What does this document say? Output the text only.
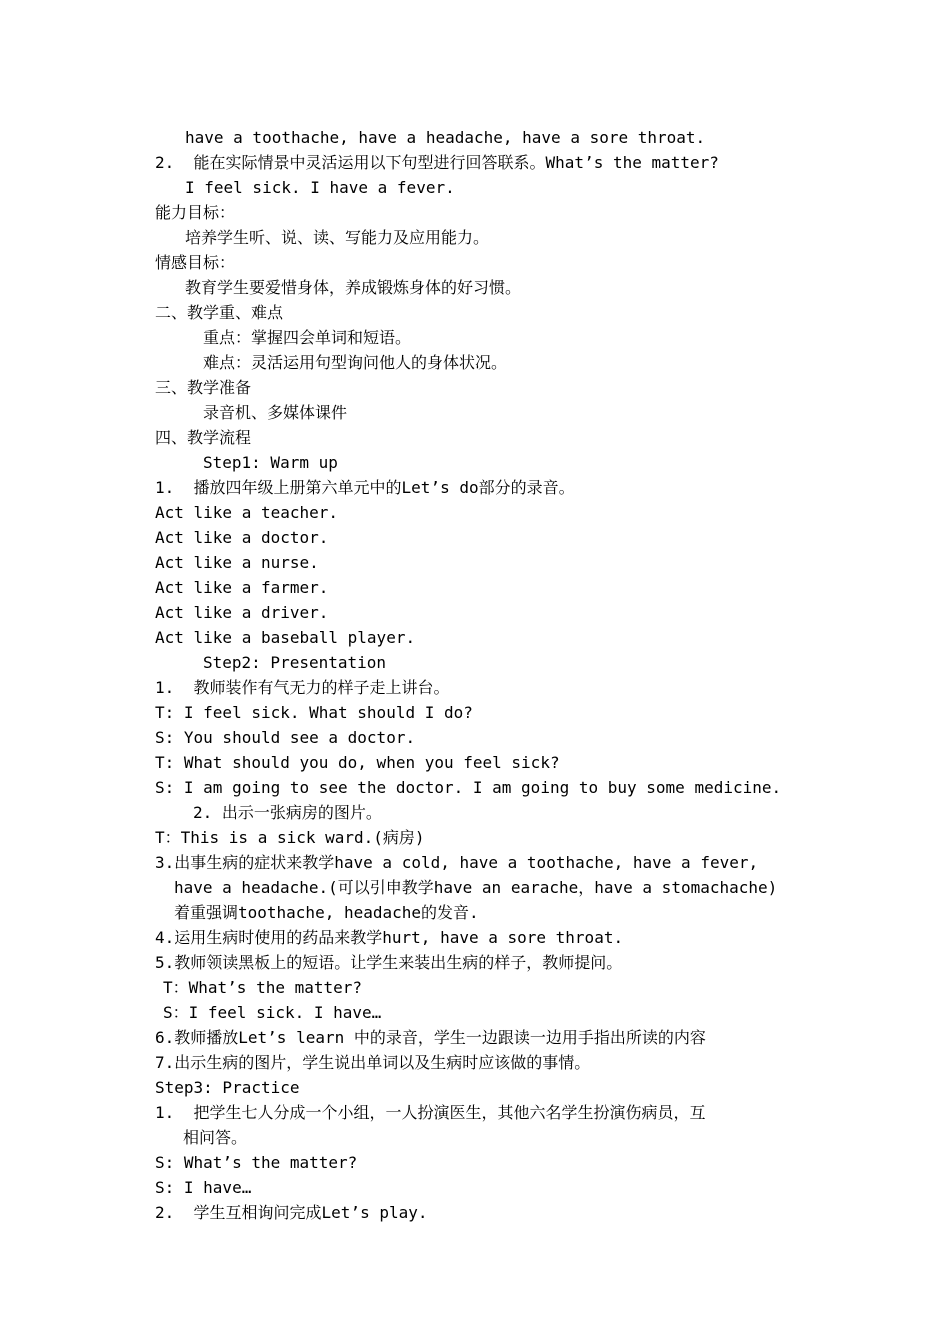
have a toothache, have a headache, have a sore throat.
2.  能在实际情景中灵活运用以下句型进行回答联系。What’s the matter?
I feel sick. I have a fever.
能力目标：
培养学生听、说、读、写能力及应用能力。
情感目标：
教育学生要爱惜身体，养成锻炼身体的好习惯。
二、教学重、难点
重点：掌握四会单词和短语。
难点：灵活运用句型询问他人的身体状况。
三、教学准备
录音机、多媒体课件
四、教学流程
Step1: Warm up
1.  播放四年级上册第六单元中的Let’s do部分的录音。
Act like a teacher.
Act like a doctor.
Act like a nurse.
Act like a farmer.
Act like a driver.
Act like a baseball player.
Step2: Presentation
1.  教师装作有气无力的样子走上讲台。
T: I feel sick. What should I do?
S: You should see a doctor.
T: What should you do, when you feel sick?
S: I am going to see the doctor. I am going to buy some medicine.
2. 出示一张病房的图片。
T：This is a sick ward.(病房)
3.出事生病的症状来教学have a cold, have a toothache, have a fever,
have a headache.(可以引申教学have an earache，have a stomachache)
着重强调toothache, headache的发音.
4.运用生病时使用的药品来教学hurt, have a sore throat.
5.教师领读黑板上的短语。让学生来装出生病的样子，教师提问。
T：What’s the matter?
S：I feel sick. I have…
6.教师播放Let’s learn 中的录音，学生一边跟读一边用手指出所读的内容
7.出示生病的图片，学生说出单词以及生病时应该做的事情。
Step3: Practice
1.  把学生七人分成一个小组，一人扮演医生，其他六名学生扮演伤病员，互
相问答。
S: What’s the matter?
S: I have…
2.  学生互相询问完成Let’s play.
